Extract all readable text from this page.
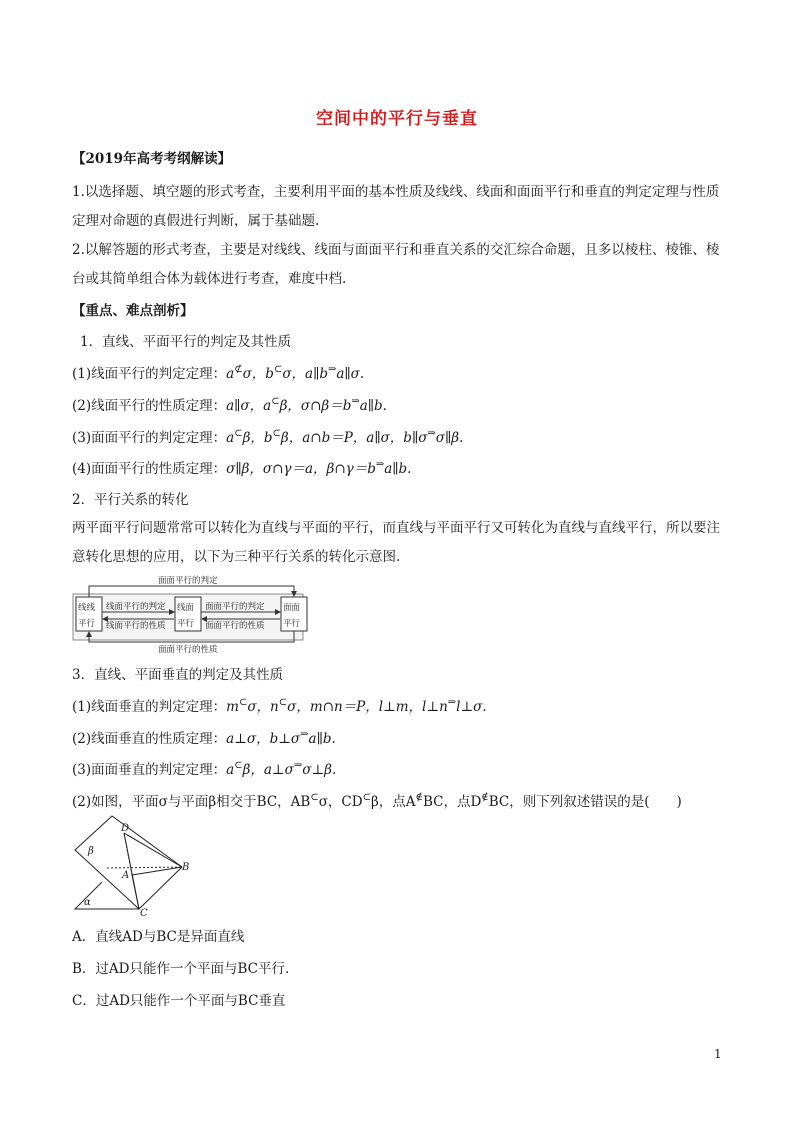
空间中的平行与垂直
【2019年高考考纲解读】
1.以选择题、填空题的形式考查，主要利用平面的基本性质及线线、线面和面面平行和垂直的判定定理与性质定理对命题的真假进行判断，属于基础题.
2.以解答题的形式考查，主要是对线线、线面与面面平行和垂直关系的交汇综合命题，且多以棱柱、棱锥、棱台或其简单组合体为载体进行考查，难度中档.
【重点、难点剖析】
1．直线、平面平行的判定及其性质
(1)线面平行的判定定理：a⊄σ，b⊂σ，a∥b⇒a∥σ.
(2)线面平行的性质定理：a∥σ，a⊂β，σ∩β＝b⇒a∥b.
(3)面面平行的判定定理：a⊂β，b⊂β，a∩b＝P，a∥σ，b∥σ⇒σ∥β.
(4)面面平行的性质定理：σ∥β，σ∩γ＝a，β∩γ＝b⇒a∥b.
2．平行关系的转化
两平面平行问题常常可以转化为直线与平面的平行，而直线与平面平行又可转化为直线与直线平行，所以要注意转化思想的应用，以下为三种平行关系的转化示意图.
线线
平行
线面
平行
面面
平行
线面平行的判定
线面平行的性质
面面平行的判定
面面平行的性质
面面平行的判定
面面平行的性质
3．直线、平面垂直的判定及其性质
(1)线面垂直的判定定理：m⊂σ，n⊂σ，m∩n＝P，l⊥m，l⊥n⇒l⊥σ.
(2)线面垂直的性质定理：a⊥σ，b⊥σ⇒a∥b.
(3)面面垂直的判定定理：a⊂β，a⊥σ⇒σ⊥β.
(2)如图，平面σ与平面β相交于BC，AB⊂σ，CD⊂β，点A∉BC，点D∉BC，则下列叙述错误的是(　　)
β
α
A
B
C
D
A．直线AD与BC是异面直线
B．过AD只能作一个平面与BC平行.
C．过AD只能作一个平面与BC垂直
1
